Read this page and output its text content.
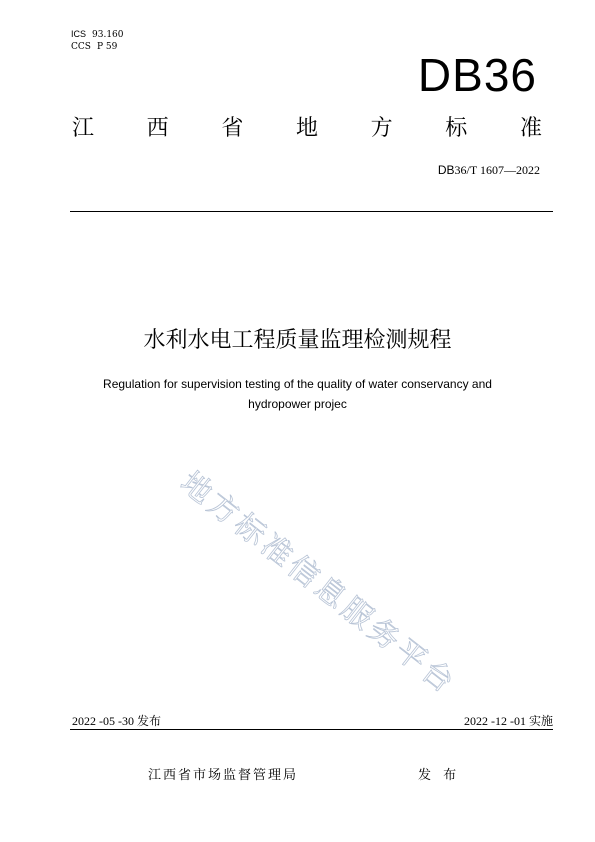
ICS 93.160
CCS P 59
DB36
江 西 省 地 方 标 准
DB36/T 1607—2022
水利水电工程质量监理检测规程
Regulation for supervision testing of the quality of water conservancy and
hydropower projec
地方标准信息服务平台
2022 -05 -30 发布	2022 -12 -01 实施
江西省市场监督管理局	发 布
